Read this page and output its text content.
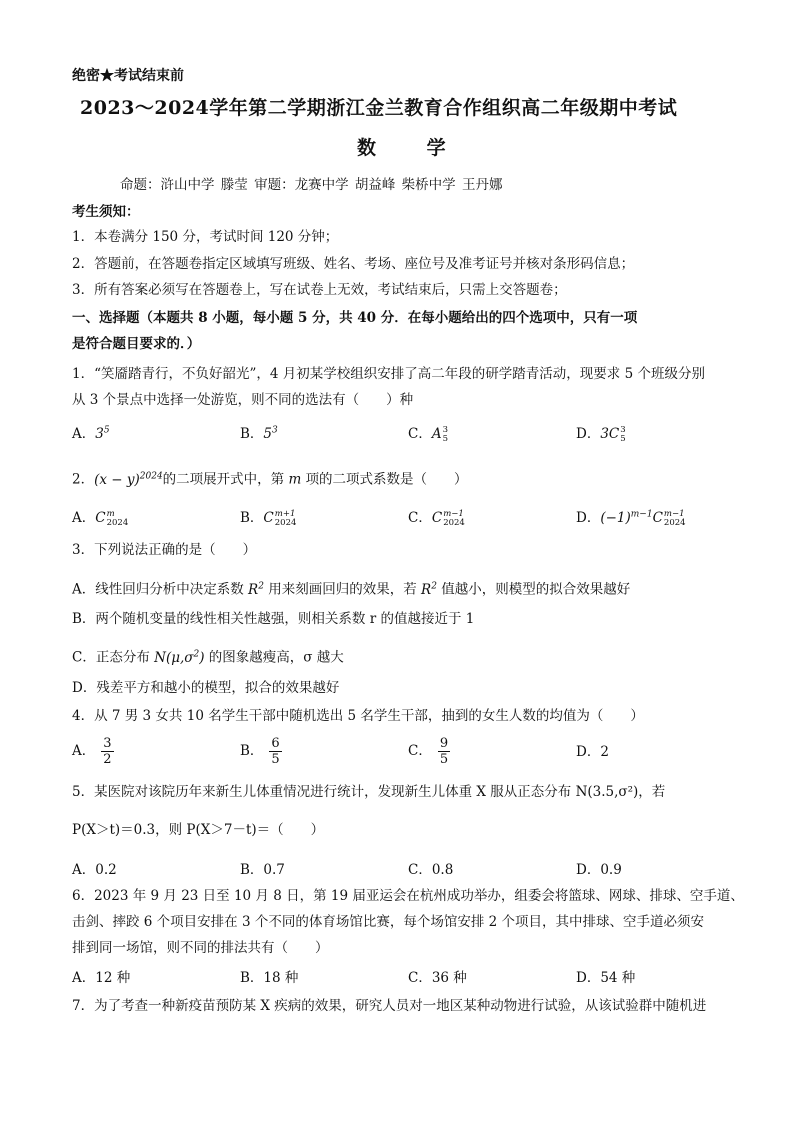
绝密★考试结束前
2023～2024学年第二学期浙江金兰教育合作组织高二年级期中考试
数 学
命题：浒山中学 滕莹 审题：龙赛中学 胡益峰 柴桥中学 王丹娜
考生须知：
1．本卷满分 150 分，考试时间 120 分钟；
2．答题前，在答题卷指定区域填写班级、姓名、考场、座位号及准考证号并核对条形码信息；
3．所有答案必须写在答题卷上，写在试卷上无效，考试结束后，只需上交答题卷；
一、选择题（本题共 8 小题，每小题 5 分，共 40 分．在每小题给出的四个选项中，只有一项
是符合题目要求的．）
1．“笑靥踏青行，不负好韶光”，4 月初某学校组织安排了高二年段的研学踏青活动，现要求 5 个班级分别
从 3 个景点中选择一处游览，则不同的选法有（　　）种
A．$3^5$	B．$5^3$	C．A 3
5	D．3C 3
5
2．$(x - y)^{2024}$的二项展开式中，第 m 项的二项式系数是（　　）
A．C m
2024	B．C m+1
2024	C．C m−1
2024	D．$(-1)^{m-1}C$ m−1
2024
3．下列说法正确的是（　　）
A．线性回归分析中决定系数 $R^2$ 用来刻画回归的效果，若 $R^2$ 值越小，则模型的拟合效果越好
B．两个随机变量的线性相关性越强，则相关系数 r 的值越接近于 1
C．正态分布 $N(\mu,\sigma^2)$ 的图象越瘦高，σ 越大
D．残差平方和越小的模型，拟合的效果越好
4．从 7 男 3 女共 10 名学生干部中随机选出 5 名学生干部，抽到的女生人数的均值为（　　）
A． $\frac{3}{2}$	B． $\frac{6}{5}$	C． $\frac{9}{5}$	D．2
5．某医院对该院历年来新生儿体重情况进行统计，发现新生儿体重 X 服从正态分布 N(3.5,σ²)，若
P(X＞t)＝0.3，则 P(X＞7－t)＝（　　）
A．0.2	B．0.7	C．0.8	D．0.9
6．2023 年 9 月 23 日至 10 月 8 日，第 19 届亚运会在杭州成功举办，组委会将篮球、网球、排球、空手道、
击剑、摔跤 6 个项目安排在 3 个不同的体育场馆比赛，每个场馆安排 2 个项目，其中排球、空手道必须安
排到同一场馆，则不同的排法共有（　　）
A．12 种	B．18 种	C．36 种	D．54 种
7．为了考查一种新疫苗预防某 X 疾病的效果，研究人员对一地区某种动物进行试验，从该试验群中随机进
